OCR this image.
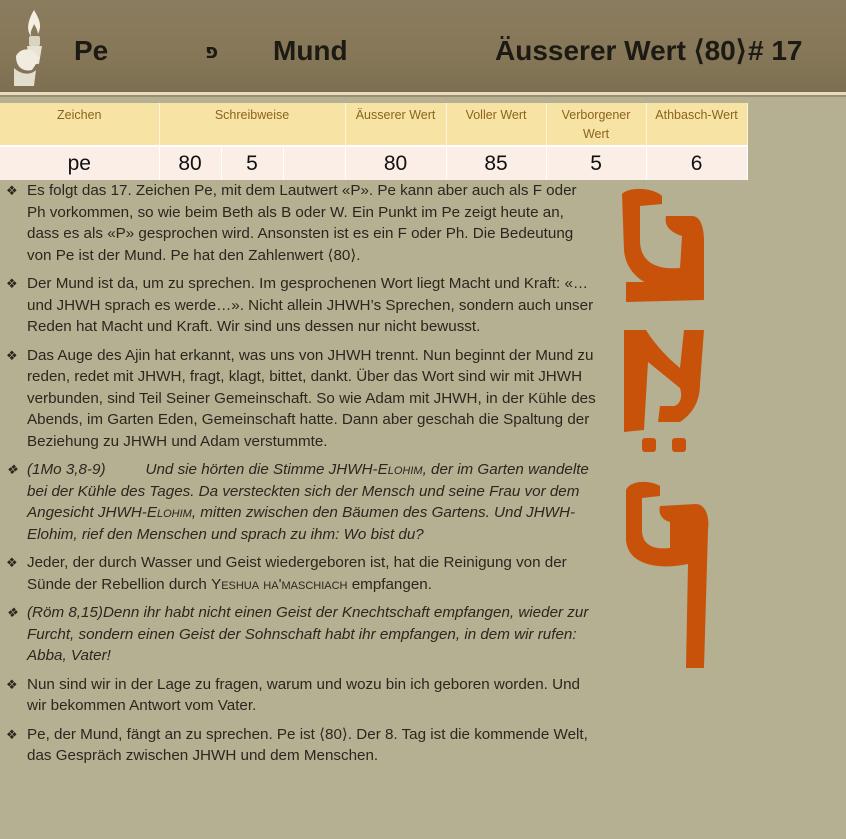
Pe	פ Mund	Äusserer Wert ⟨80⟩ # 17
Zeichen	Schreibweise			Äusserer Wert	Voller Wert	Verborgener Wert	Athbasch-Wert
pe	80	5		80	85	5	6
❖ Es folgt das 17. Zeichen Pe, mit dem Lautwert «P». Pe kann aber auch als F oder Ph vorkommen, so wie beim Beth als B oder W. Ein Punkt im Pe zeigt heute an, dass es als «P» gesprochen wird. Ansonsten ist es ein F oder Ph. Die Bedeutung von Pe ist der Mund. Pe hat den Zahlenwert ⟨80⟩.
❖ Der Mund ist da, um zu sprechen. Im gesprochenen Wort liegt Macht und Kraft: «…und JHWH sprach es werde…». Nicht allein JHWH’s Sprechen, sondern auch unser Reden hat Macht und Kraft. Wir sind uns dessen nur nicht bewusst.
❖ Das Auge des Ajin hat erkannt, was uns von JHWH trennt. Nun beginnt der Mund zu reden, redet mit JHWH, fragt, klagt, bittet, dankt. Über das Wort sind wir mit JHWH verbunden, sind Teil Seiner Gemeinschaft. So wie Adam mit JHWH, in der Kühle des Abends, im Garten Eden, Gemeinschaft hatte. Dann aber geschah die Spaltung der Beziehung zu JHWH und Adam verstummte.
❖ (1Mo 3,8-9)	Und sie hörten die Stimme JHWH-Elohim, der im Garten wandelte bei der Kühle des Tages. Da versteckten sich der Mensch und seine Frau vor dem Angesicht JHWH-Elohim, mitten zwischen den Bäumen des Gartens. Und JHWH-Elohim, rief den Menschen und sprach zu ihm: Wo bist du?
❖ Jeder, der durch Wasser und Geist wiedergeboren ist, hat die Reinigung von der Sünde der Rebellion durch Yeshua ha'maschiach empfangen.
❖ (Röm 8,15)Denn ihr habt nicht einen Geist der Knechtschaft empfangen, wieder zur Furcht, sondern einen Geist der Sohnschaft habt ihr empfangen, in dem wir rufen: Abba, Vater!
❖ Nun sind wir in der Lage zu fragen, warum und wozu bin ich geboren worden. Und wir bekommen Antwort vom Vater.
❖ Pe, der Mund, fängt an zu sprechen. Pe ist ⟨80⟩. Der 8. Tag ist die kommende Welt, das Gespräch zwischen JHWH und dem Menschen.
